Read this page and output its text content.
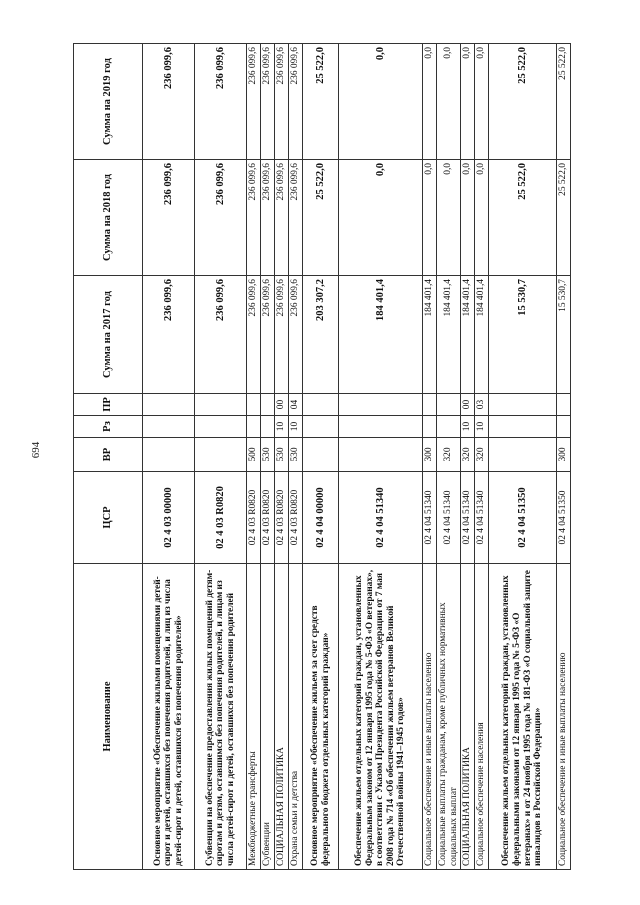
694
Наименование	ЦСР	ВР	Рз	ПР	Сумма на 2017 год	Сумма на 2018 год	Сумма на 2019 год
Основное мероприятие «Обеспечение жилыми помещениями детей-сирот и детей, оставшихся без попечения родителей, и лиц из числа детей-сирот и детей, оставшихся без попечения родителей»	02 4 03 00000				236 099,6	236 099,6	236 099,6
Субвенции на обеспечение предоставления жилых помещений детям-сиротам и детям, оставшимся без попечения родителей, и лицам из числа детей-сирот и детей, оставшихся без попечения родителей	02 4 03 R0820				236 099,6	236 099,6	236 099,6
Межбюджетные трансферты	02 4 03 R0820	500			236 099,6	236 099,6	236 099,6
Субвенции	02 4 03 R0820	530			236 099,6	236 099,6	236 099,6
СОЦИАЛЬНАЯ ПОЛИТИКА	02 4 03 R0820	530	10	00	236 099,6	236 099,6	236 099,6
Охрана семьи и детства	02 4 03 R0820	530	10	04	236 099,6	236 099,6	236 099,6
Основное мероприятие «Обеспечение жильем за счет средств федерального бюджета отдельных категорий граждан»	02 4 04 00000				203 307,2	25 522,0	25 522,0
Обеспечение жильем отдельных категорий граждан, установленных Федеральным законом от 12 января 1995 года № 5-ФЗ «О ветеранах», в соответствии с Указом Президента Российской Федерации от 7 мая 2008 года № 714 «Об обеспечении жильем ветеранов Великой Отечественной войны 1941–1945 годов»	02 4 04 51340				184 401,4	0,0	0,0
Социальное обеспечение и иные выплаты населению	02 4 04 51340	300			184 401,4	0,0	0,0
Социальные выплаты гражданам, кроме публичных нормативных социальных выплат	02 4 04 51340	320			184 401,4	0,0	0,0
СОЦИАЛЬНАЯ ПОЛИТИКА	02 4 04 51340	320	10	00	184 401,4	0,0	0,0
Социальное обеспечение населения	02 4 04 51340	320	10	03	184 401,4	0,0	0,0
Обеспечение жильем отдельных категорий граждан, установленных федеральными законами от 12 января 1995 года № 5-ФЗ «О ветеранах» и от 24 ноября 1995 года № 181-ФЗ «О социальной защите инвалидов в Российской Федерации»	02 4 04 51350				15 530,7	25 522,0	25 522,0
Социальное обеспечение и иные выплаты населению	02 4 04 51350	300			15 530,7	25 522,0	25 522,0
